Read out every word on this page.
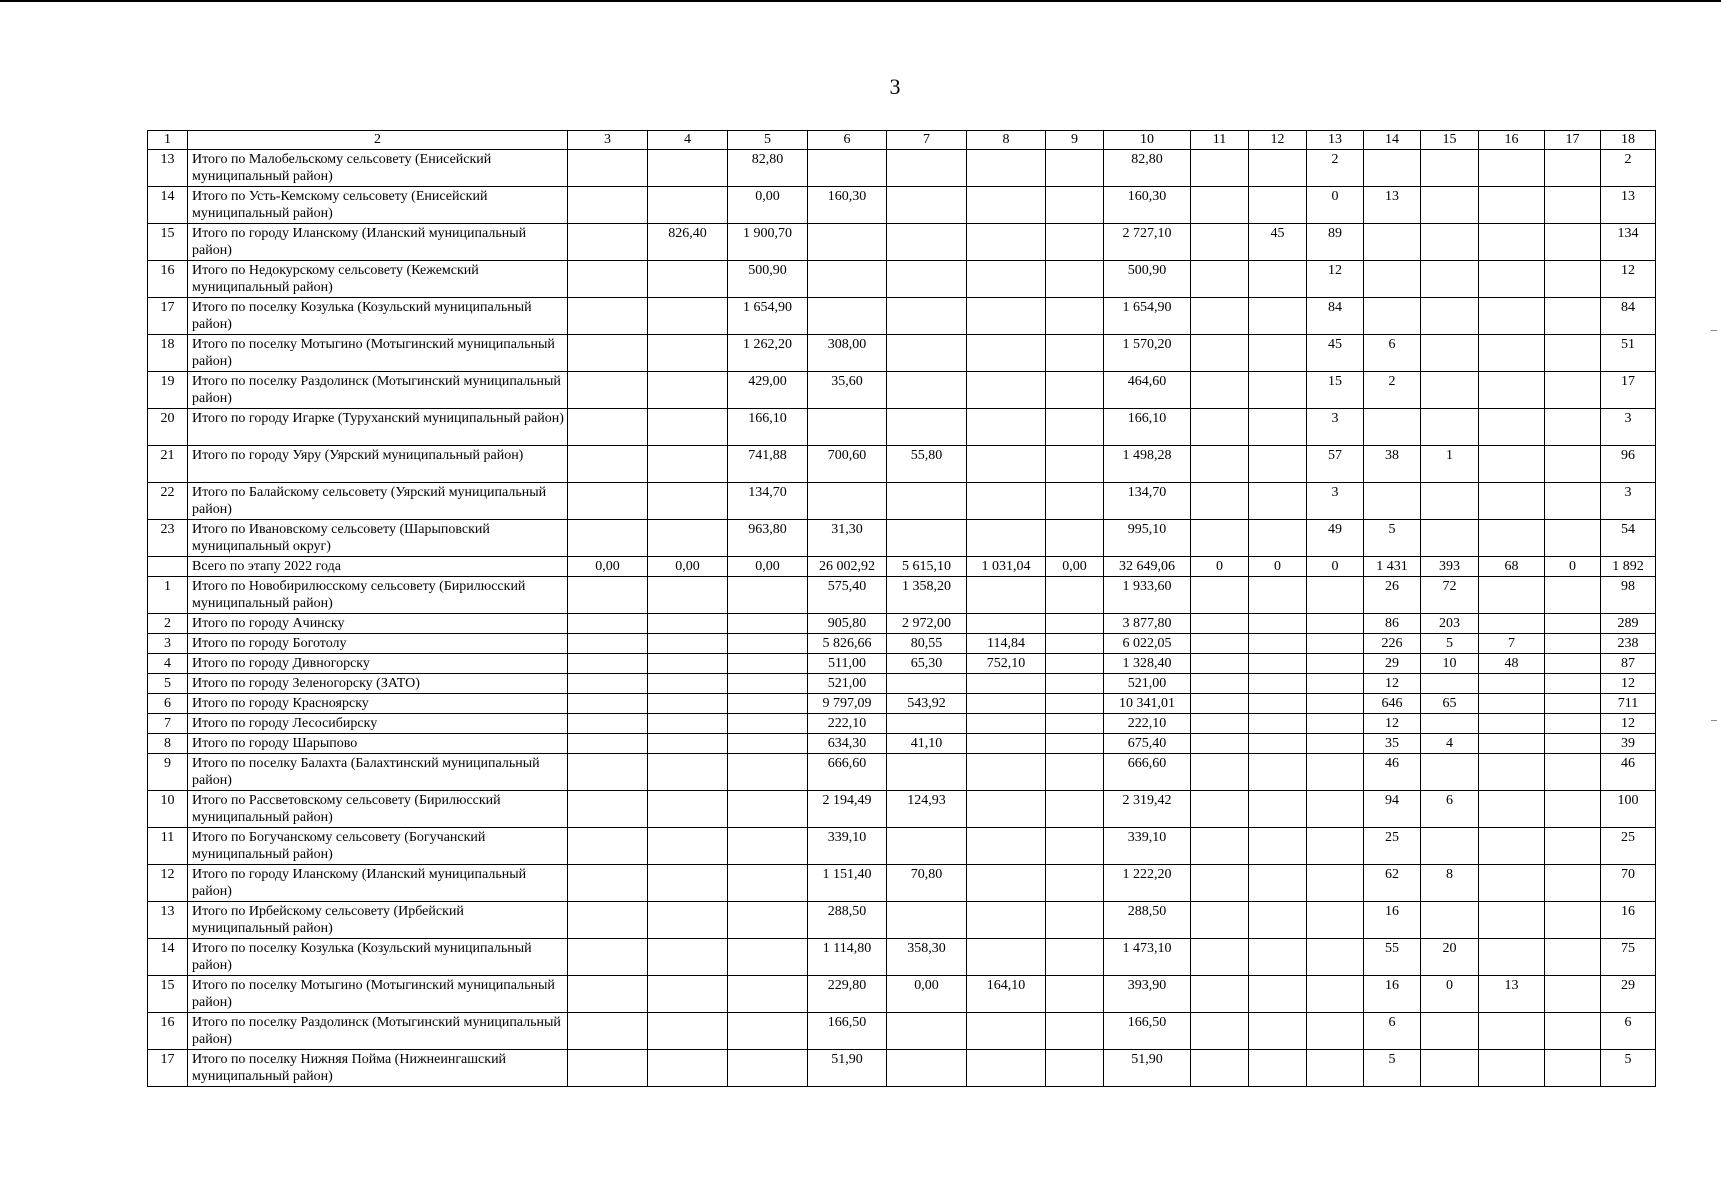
3
1	2	3	4	5	6	7	8	9	10	11	12	13	14	15	16	17	18
13	Итого по Малобельскому сельсовету (Енисейский муниципальный район)			82,80					82,80			2					2
14	Итого по Усть-Кемскому сельсовету (Енисейский муниципальный район)			0,00	160,30				160,30			0	13				13
15	Итого по городу Иланскому (Иланский муниципальный район)		826,40	1 900,70					2 727,10		45	89					134
16	Итого по Недокурскому сельсовету (Кежемский муниципальный район)			500,90					500,90			12					12
17	Итого по поселку Козулька (Козульский муниципальный район)			1 654,90					1 654,90			84					84
18	Итого по поселку Мотыгино (Мотыгинский муниципальный район)			1 262,20	308,00				1 570,20			45	6				51
19	Итого по поселку Раздолинск (Мотыгинский муниципальный район)			429,00	35,60				464,60			15	2				17
20	Итого по городу Игарке (Туруханский муниципальный район)			166,10					166,10			3					3
21	Итого по городу Уяру (Уярский муниципальный район)			741,88	700,60	55,80			1 498,28			57	38	1			96
22	Итого по Балайскому сельсовету (Уярский муниципальный район)			134,70					134,70			3					3
23	Итого по Ивановскому сельсовету (Шарыповский муниципальный округ)			963,80	31,30				995,10			49	5				54
	Всего по этапу 2022 года	0,00	0,00	0,00	26 002,92	5 615,10	1 031,04	0,00	32 649,06	0	0	0	1 431	393	68	0	1 892
1	Итого по Новобирилюсскому сельсовету (Бирилюсский муниципальный район)				575,40	1 358,20			1 933,60				26	72			98
2	Итого по городу Ачинску				905,80	2 972,00			3 877,80				86	203			289
3	Итого по городу Боготолу				5 826,66	80,55	114,84		6 022,05				226	5	7		238
4	Итого по городу Дивногорску				511,00	65,30	752,10		1 328,40				29	10	48		87
5	Итого по городу Зеленогорску (ЗАТО)				521,00				521,00				12				12
6	Итого по городу Красноярску				9 797,09	543,92			10 341,01				646	65			711
7	Итого по городу Лесосибирску				222,10				222,10				12				12
8	Итого по городу Шарыпово				634,30	41,10			675,40				35	4			39
9	Итого по поселку Балахта (Балахтинский муниципальный район)				666,60				666,60				46				46
10	Итого по Рассветовскому сельсовету (Бирилюсский муниципальный район)				2 194,49	124,93			2 319,42				94	6			100
11	Итого по Богучанскому сельсовету (Богучанский муниципальный район)				339,10				339,10				25				25
12	Итого по городу Иланскому (Иланский муниципальный район)				1 151,40	70,80			1 222,20				62	8			70
13	Итого по Ирбейскому сельсовету (Ирбейский муниципальный район)				288,50				288,50				16				16
14	Итого по поселку Козулька (Козульский муниципальный район)				1 114,80	358,30			1 473,10				55	20			75
15	Итого по поселку Мотыгино (Мотыгинский муниципальный район)				229,80	0,00	164,10		393,90				16	0	13		29
16	Итого по поселку Раздолинск (Мотыгинский муниципальный район)				166,50				166,50				6				6
17	Итого по поселку Нижняя Пойма (Нижнеингашский муниципальный район)				51,90				51,90				5				5
